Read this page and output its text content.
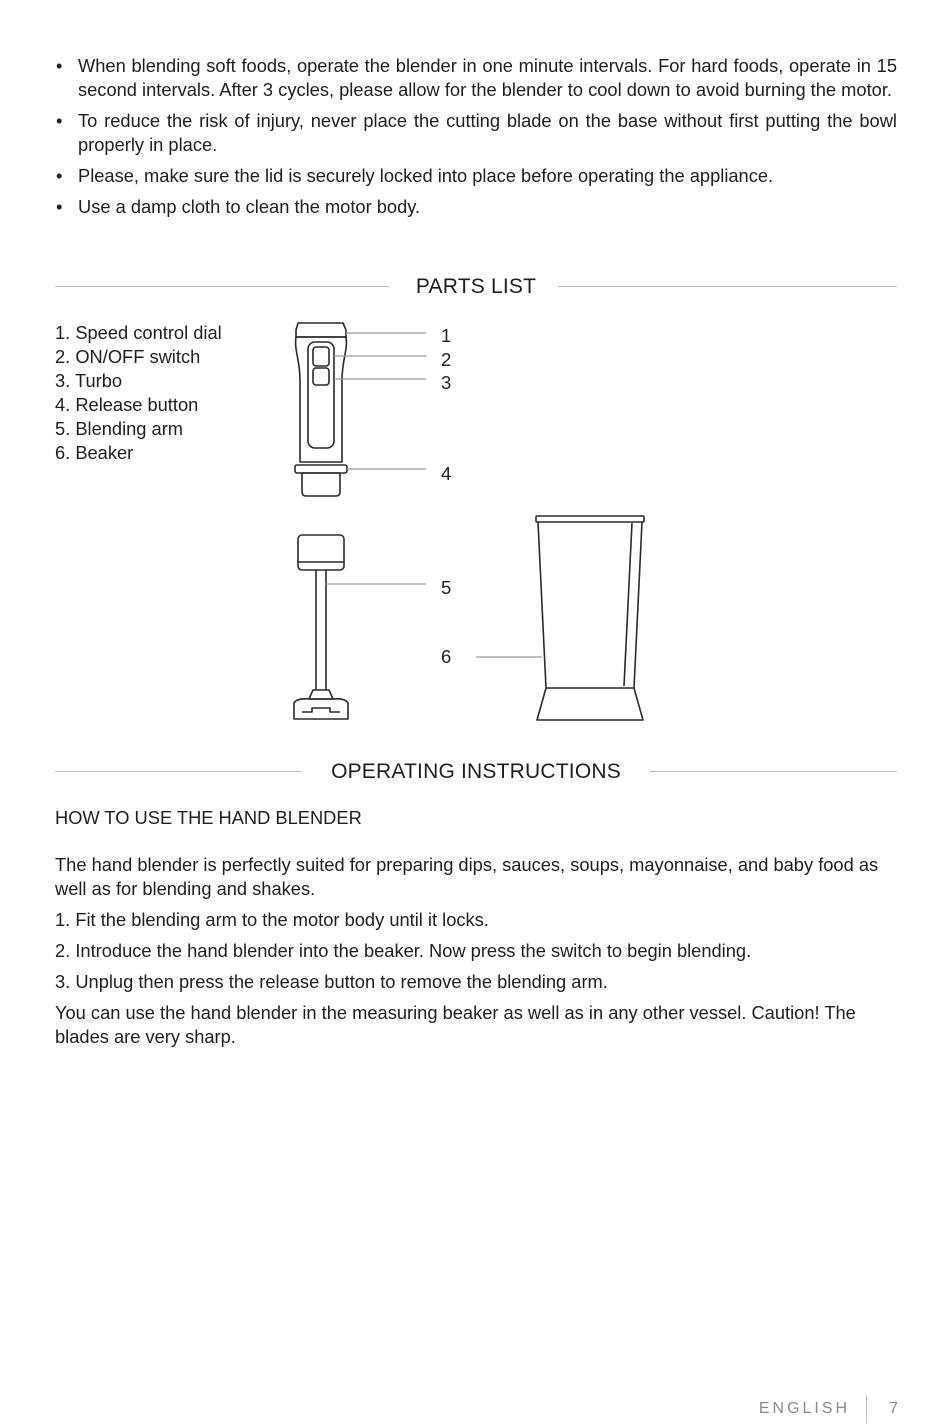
• When blending soft foods, operate the blender in one minute intervals. For hard foods, operate in 15 second intervals. After 3 cycles, please allow for the blender to cool down to avoid burning the motor.
• To reduce the risk of injury, never place the cutting blade on the base without first putting the bowl properly in place.
• Please, make sure the lid is securely locked into place before operating the appliance.
• Use a damp cloth to clean the motor body.
PARTS LIST
1. Speed control dial
2. ON/OFF switch
3. Turbo
4. Release button
5. Blending arm
6. Beaker
1
2
3
4
5
6
OPERATING INSTRUCTIONS
HOW TO USE THE HAND BLENDER

The hand blender is perfectly suited for preparing dips, sauces, soups, mayonnaise, and baby food as well as for blending and shakes.

1. Fit the blending arm to the motor body until it locks.

2. Introduce the hand blender into the beaker. Now press the switch to begin blending.

3. Unplug then press the release button to remove the blending arm.

You can use the hand blender in the measuring beaker as well as in any other vessel. Caution! The blades are very sharp.

ENGLISH 7
